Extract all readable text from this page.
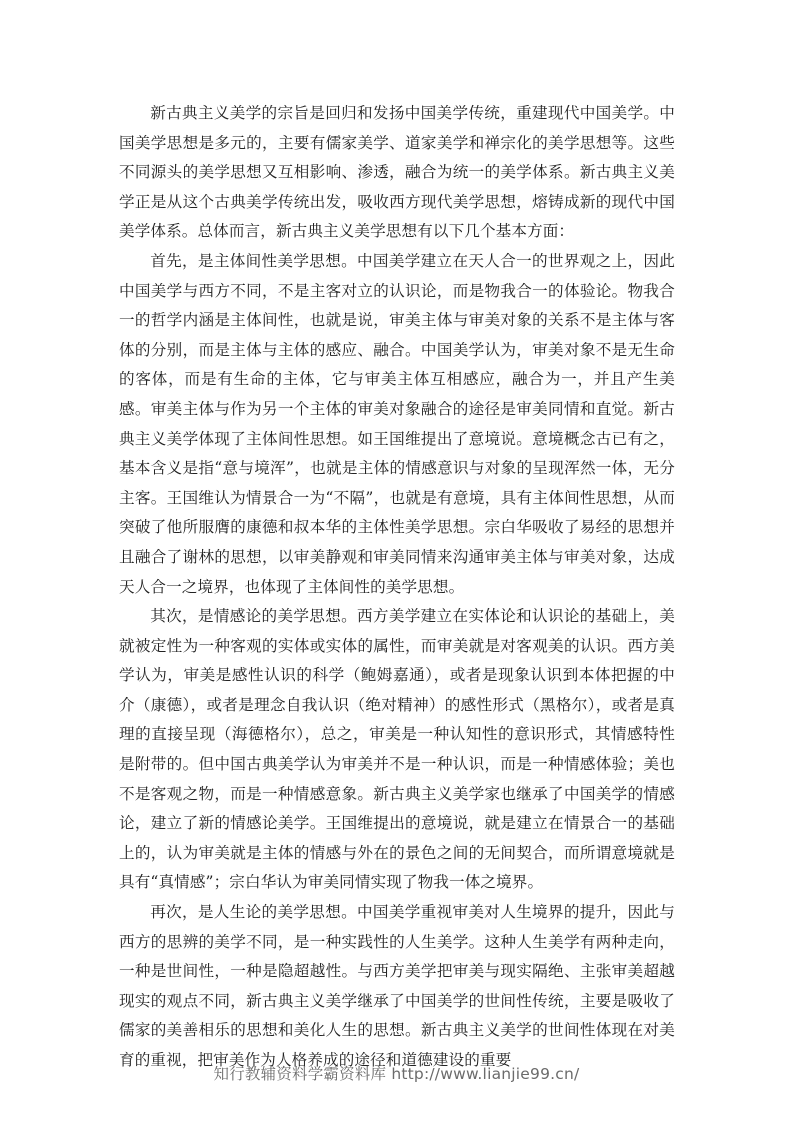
新古典主义美学的宗旨是回归和发扬中国美学传统，重建现代中国美学。中国美学思想是多元的，主要有儒家美学、道家美学和禅宗化的美学思想等。这些不同源头的美学思想又互相影响、渗透，融合为统一的美学体系。新古典主义美学正是从这个古典美学传统出发，吸收西方现代美学思想，熔铸成新的现代中国美学体系。总体而言，新古典主义美学思想有以下几个基本方面：

首先，是主体间性美学思想。中国美学建立在天人合一的世界观之上，因此中国美学与西方不同，不是主客对立的认识论，而是物我合一的体验论。物我合一的哲学内涵是主体间性，也就是说，审美主体与审美对象的关系不是主体与客体的分别，而是主体与主体的感应、融合。中国美学认为，审美对象不是无生命的客体，而是有生命的主体，它与审美主体互相感应，融合为一，并且产生美感。审美主体与作为另一个主体的审美对象融合的途径是审美同情和直觉。新古典主义美学体现了主体间性思想。如王国维提出了意境说。意境概念古已有之，基本含义是指“意与境浑”，也就是主体的情感意识与对象的呈现浑然一体，无分主客。王国维认为情景合一为“不隔”，也就是有意境，具有主体间性思想，从而突破了他所服膺的康德和叔本华的主体性美学思想。宗白华吸收了易经的思想并且融合了谢林的思想，以审美静观和审美同情来沟通审美主体与审美对象，达成天人合一之境界，也体现了主体间性的美学思想。

其次，是情感论的美学思想。西方美学建立在实体论和认识论的基础上，美就被定性为一种客观的实体或实体的属性，而审美就是对客观美的认识。西方美学认为，审美是感性认识的科学（鲍姆嘉通），或者是现象认识到本体把握的中介（康德），或者是理念自我认识（绝对精神）的感性形式（黑格尔），或者是真理的直接呈现（海德格尔），总之，审美是一种认知性的意识形式，其情感特性是附带的。但中国古典美学认为审美并不是一种认识，而是一种情感体验；美也不是客观之物，而是一种情感意象。新古典主义美学家也继承了中国美学的情感论，建立了新的情感论美学。王国维提出的意境说，就是建立在情景合一的基础上的，认为审美就是主体的情感与外在的景色之间的无间契合，而所谓意境就是具有“真情感”；宗白华认为审美同情实现了物我一体之境界。

再次，是人生论的美学思想。中国美学重视审美对人生境界的提升，因此与西方的思辨的美学不同，是一种实践性的人生美学。这种人生美学有两种走向，一种是世间性，一种是隐超越性。与西方美学把审美与现实隔绝、主张审美超越现实的观点不同，新古典主义美学继承了中国美学的世间性传统，主要是吸收了儒家的美善相乐的思想和美化人生的思想。新古典主义美学的世间性体现在对美育的重视，把审美作为人格养成的途径和道德建设的重要

知行教辅资料学霸资料库 http://www.lianjie99.cn/
